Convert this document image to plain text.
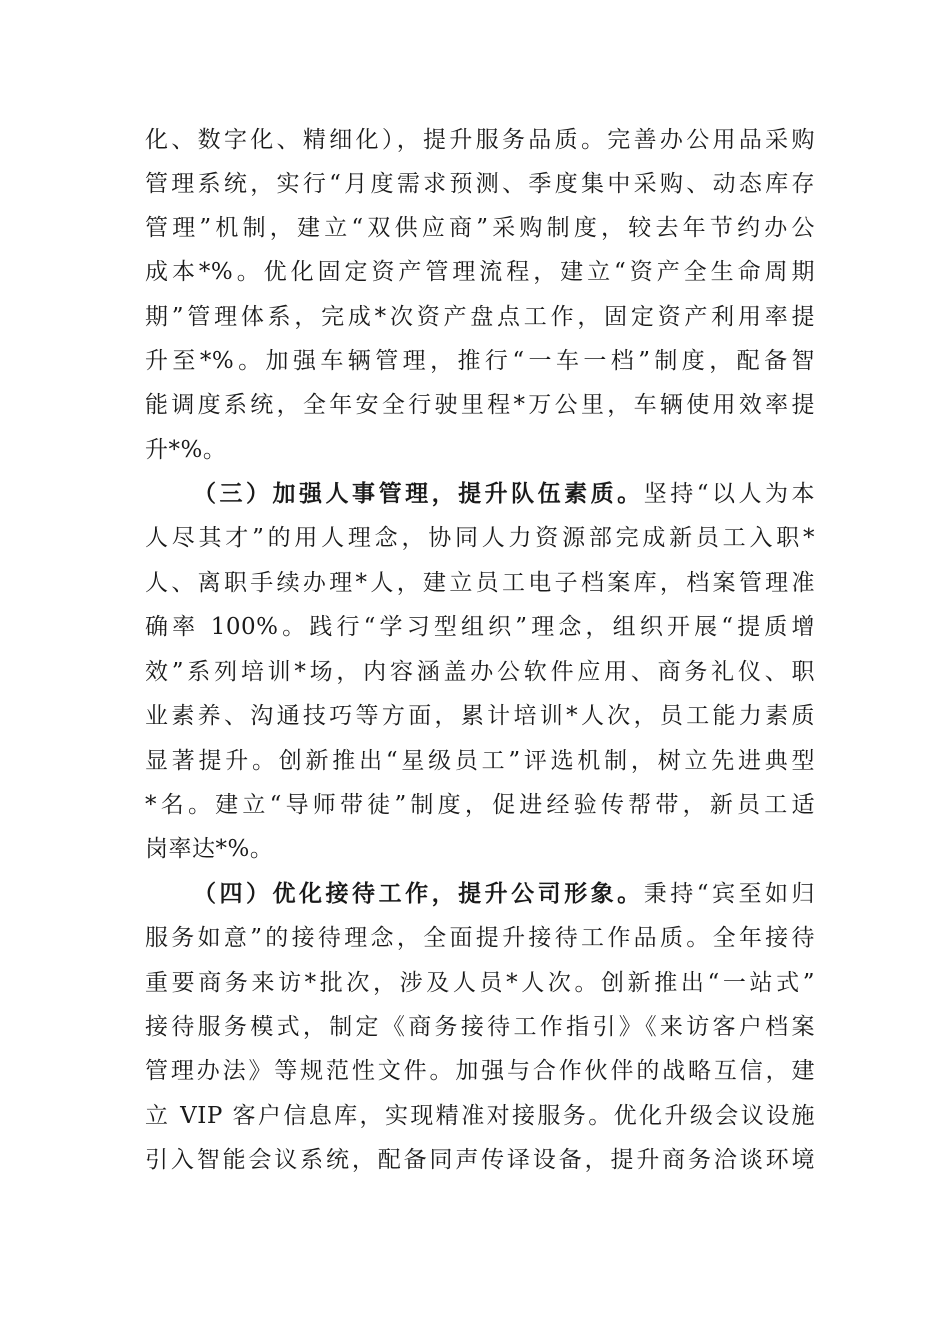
化、数字化、精细化），提升服务品质。完善办公用品采购
管理系统，实行“月度需求预测、季度集中采购、动态库存
管理”机制，建立“双供应商”采购制度，较去年节约办公
成本*%。优化固定资产管理流程，建立“资产全生命周期
期”管理体系，完成*次资产盘点工作，固定资产利用率提
升至*%。加强车辆管理，推行“一车一档”制度，配备智
能调度系统，全年安全行驶里程*万公里，车辆使用效率提
升*%。
（三）加强人事管理，提升队伍素质。坚持“以人为本
人尽其才”的用人理念，协同人力资源部完成新员工入职*
人、离职手续办理*人，建立员工电子档案库，档案管理准
确率 100%。践行“学习型组织”理念，组织开展“提质增
效”系列培训*场，内容涵盖办公软件应用、商务礼仪、职
业素养、沟通技巧等方面，累计培训*人次，员工能力素质
显著提升。创新推出“星级员工”评选机制，树立先进典型
*名。建立“导师带徒”制度，促进经验传帮带，新员工适
岗率达*%。
（四）优化接待工作，提升公司形象。秉持“宾至如归
服务如意”的接待理念，全面提升接待工作品质。全年接待
重要商务来访*批次，涉及人员*人次。创新推出“一站式”
接待服务模式，制定《商务接待工作指引》《来访客户档案
管理办法》等规范性文件。加强与合作伙伴的战略互信，建
立 VIP 客户信息库，实现精准对接服务。优化升级会议设施
引入智能会议系统，配备同声传译设备，提升商务洽谈环境
